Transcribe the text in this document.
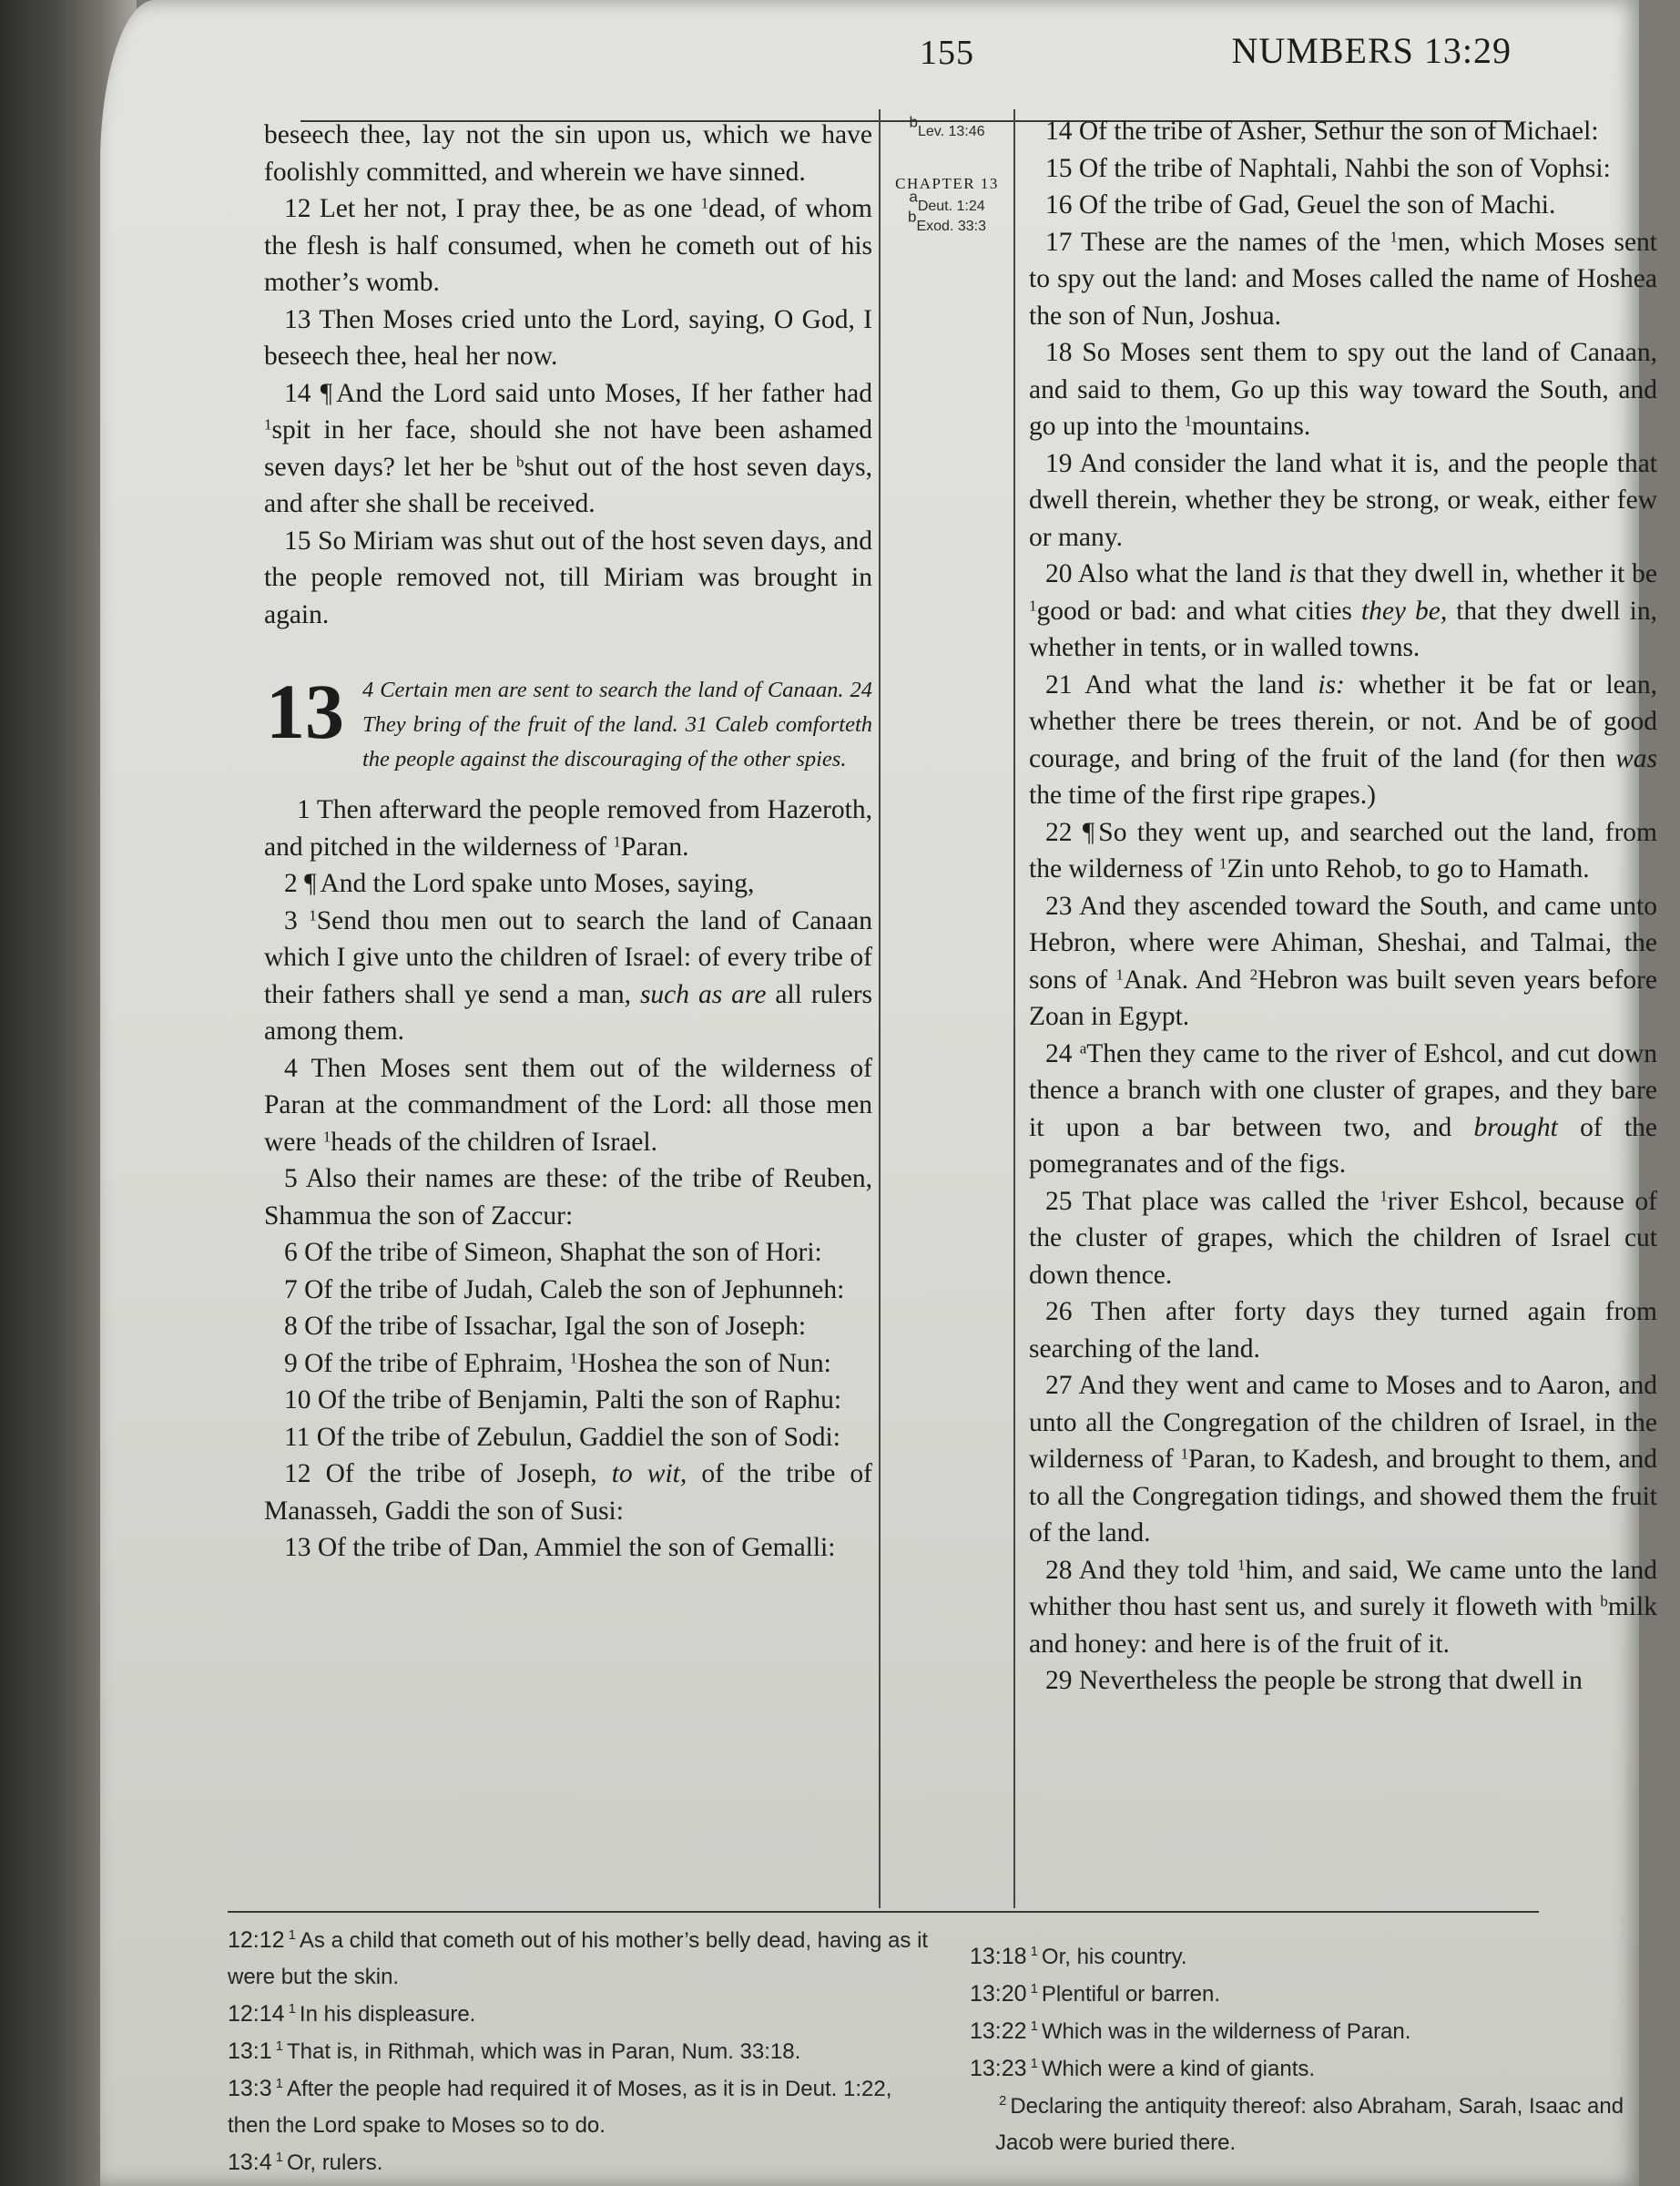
155	NUMBERS 13:29

beseech thee, lay not the sin upon us, which we have foolishly committed, and wherein we have sinned.

12 Let her not, I pray thee, be as one $^1$dead, of whom the flesh is half consumed, when he cometh out of his mother’s womb.

13 Then Moses cried unto the Lord, saying, O God, I beseech thee, heal her now.

14 ¶ And the Lord said unto Moses, If her father had $^1$spit in her face, should she not have been ashamed seven days? let her be $^b$shut out of the host seven days, and after she shall be received.

15 So Miriam was shut out of the host seven days, and the people removed not, till Miriam was brought in again.

13 4 Certain men are sent to search the land of Canaan. 24 They bring of the fruit of the land. 31 Caleb comforteth the people against the discouraging of the other spies.

1 Then afterward the people removed from Hazeroth, and pitched in the wilderness of $^1$Paran.

2 ¶ And the Lord spake unto Moses, saying,

3 $^1$Send thou men out to search the land of Canaan which I give unto the children of Israel: of every tribe of their fathers shall ye send a man, such as are all rulers among them.

4 Then Moses sent them out of the wilderness of Paran at the commandment of the Lord: all those men were $^1$heads of the children of Israel.

5 Also their names are these: of the tribe of Reuben, Shammua the son of Zaccur:

6 Of the tribe of Simeon, Shaphat the son of Hori:

7 Of the tribe of Judah, Caleb the son of Jephunneh:

8 Of the tribe of Issachar, Igal the son of Joseph:

9 Of the tribe of Ephraim, $^1$Hoshea the son of Nun:

10 Of the tribe of Benjamin, Palti the son of Raphu:

11 Of the tribe of Zebulun, Gaddiel the son of Sodi:

12 Of the tribe of Joseph, to wit, of the tribe of Manasseh, Gaddi the son of Susi:

13 Of the tribe of Dan, Ammiel the son of Gemalli:

$^b$Lev. 13:46
CHAPTER 13
$^a$Deut. 1:24
$^b$Exod. 33:3

14 Of the tribe of Asher, Sethur the son of Michael:

15 Of the tribe of Naphtali, Nahbi the son of Vophsi:

16 Of the tribe of Gad, Geuel the son of Machi.

17 These are the names of the $^1$men, which Moses sent to spy out the land: and Moses called the name of Hoshea the son of Nun, Joshua.

18 So Moses sent them to spy out the land of Canaan, and said to them, Go up this way toward the South, and go up into the $^1$mountains.

19 And consider the land what it is, and the people that dwell therein, whether they be strong, or weak, either few or many.

20 Also what the land is that they dwell in, whether it be $^1$good or bad: and what cities they be, that they dwell in, whether in tents, or in walled towns.

21 And what the land is: whether it be fat or lean, whether there be trees therein, or not. And be of good courage, and bring of the fruit of the land (for then was the time of the first ripe grapes.)

22 ¶ So they went up, and searched out the land, from the wilderness of $^1$Zin unto Rehob, to go to Hamath.

23 And they ascended toward the South, and came unto Hebron, where were Ahiman, Sheshai, and Talmai, the sons of $^1$Anak. And $^2$Hebron was built seven years before Zoan in Egypt.

24 $^a$Then they came to the river of Eshcol, and cut down thence a branch with one cluster of grapes, and they bare it upon a bar between two, and brought of the pomegranates and of the figs.

25 That place was called the $^1$river Eshcol, because of the cluster of grapes, which the children of Israel cut down thence.

26 Then after forty days they turned again from searching of the land.

27 And they went and came to Moses and to Aaron, and unto all the Congregation of the children of Israel, in the wilderness of $^1$Paran, to Kadesh, and brought to them, and to all the Congregation tidings, and showed them the fruit of the land.

28 And they told $^1$him, and said, We came unto the land whither thou hast sent us, and surely it floweth with $^b$milk and honey: and here is of the fruit of it.

29 Nevertheless the people be strong that dwell in

12:12 $^1$ As a child that cometh out of his mother’s belly dead, having as it were but the skin.

12:14 $^1$ In his displeasure.

13:1 $^1$ That is, in Rithmah, which was in Paran, Num. 33:18.

13:3 $^1$ After the people had required it of Moses, as it is in Deut. 1:22, then the Lord spake to Moses so to do.

13:4 $^1$ Or, rulers.

13:18 $^1$ Or, his country.

13:20 $^1$ Plentiful or barren.

13:22 $^1$ Which was in the wilderness of Paran.

13:23 $^1$ Which were a kind of giants.

$^2$ Declaring the antiquity thereof: also Abraham, Sarah, Isaac and Jacob were buried there.
